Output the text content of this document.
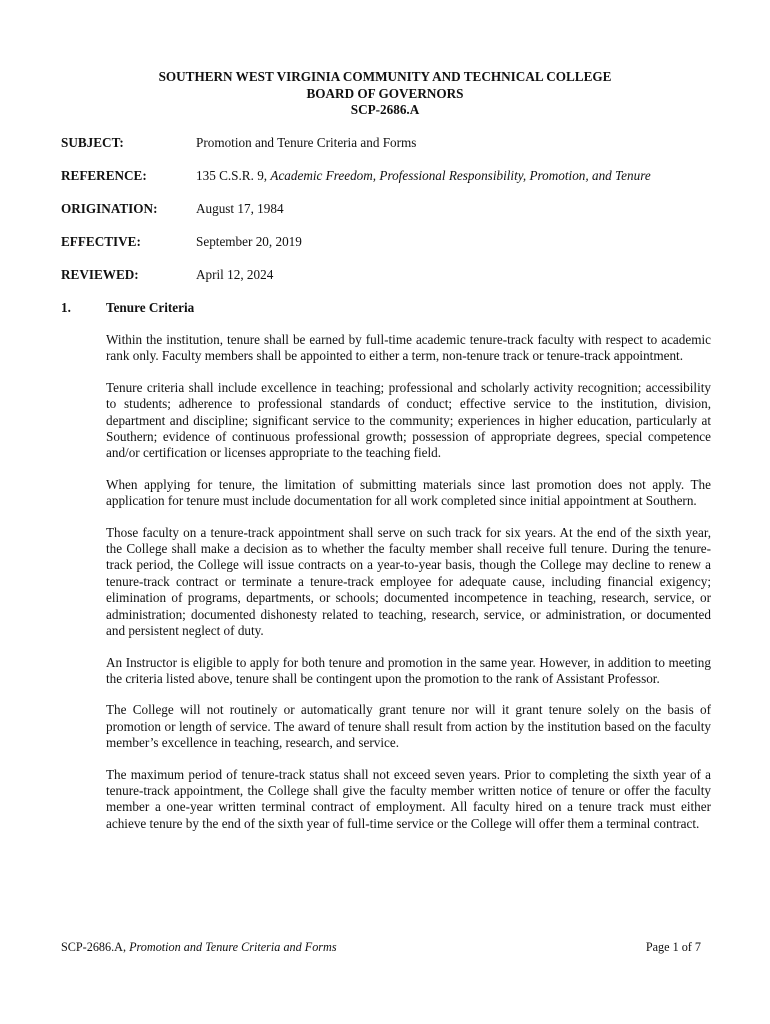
SOUTHERN WEST VIRGINIA COMMUNITY AND TECHNICAL COLLEGE
BOARD OF GOVERNORS
SCP-2686.A
SUBJECT:	Promotion and Tenure Criteria and Forms
REFERENCE:	135 C.S.R. 9, Academic Freedom, Professional Responsibility, Promotion, and Tenure
ORIGINATION:	August 17, 1984
EFFECTIVE:	September 20, 2019
REVIEWED:	April 12, 2024
1.	Tenure Criteria

Within the institution, tenure shall be earned by full-time academic tenure-track faculty with respect to academic rank only. Faculty members shall be appointed to either a term, non-tenure track or tenure-track appointment.

Tenure criteria shall include excellence in teaching; professional and scholarly activity recognition; accessibility to students; adherence to professional standards of conduct; effective service to the institution, division, department and discipline; significant service to the community; experiences in higher education, particularly at Southern; evidence of continuous professional growth; possession of appropriate degrees, special competence and/or certification or licenses appropriate to the teaching field.

When applying for tenure, the limitation of submitting materials since last promotion does not apply. The application for tenure must include documentation for all work completed since initial appointment at Southern.

Those faculty on a tenure-track appointment shall serve on such track for six years. At the end of the sixth year, the College shall make a decision as to whether the faculty member shall receive full tenure. During the tenure-track period, the College will issue contracts on a year-to-year basis, though the College may decline to renew a tenure-track contract or terminate a tenure-track employee for adequate cause, including financial exigency; elimination of programs, departments, or schools; documented incompetence in teaching, research, service, or administration; documented dishonesty related to teaching, research, service, or administration, or documented and persistent neglect of duty.

An Instructor is eligible to apply for both tenure and promotion in the same year. However, in addition to meeting the criteria listed above, tenure shall be contingent upon the promotion to the rank of Assistant Professor.

The College will not routinely or automatically grant tenure nor will it grant tenure solely on the basis of promotion or length of service. The award of tenure shall result from action by the institution based on the faculty member’s excellence in teaching, research, and service.

The maximum period of tenure-track status shall not exceed seven years. Prior to completing the sixth year of a tenure-track appointment, the College shall give the faculty member written notice of tenure or offer the faculty member a one-year written terminal contract of employment. All faculty hired on a tenure track must either achieve tenure by the end of the sixth year of full-time service or the College will offer them a terminal contract.

SCP-2686.A, Promotion and Tenure Criteria and Forms	Page 1 of 7
